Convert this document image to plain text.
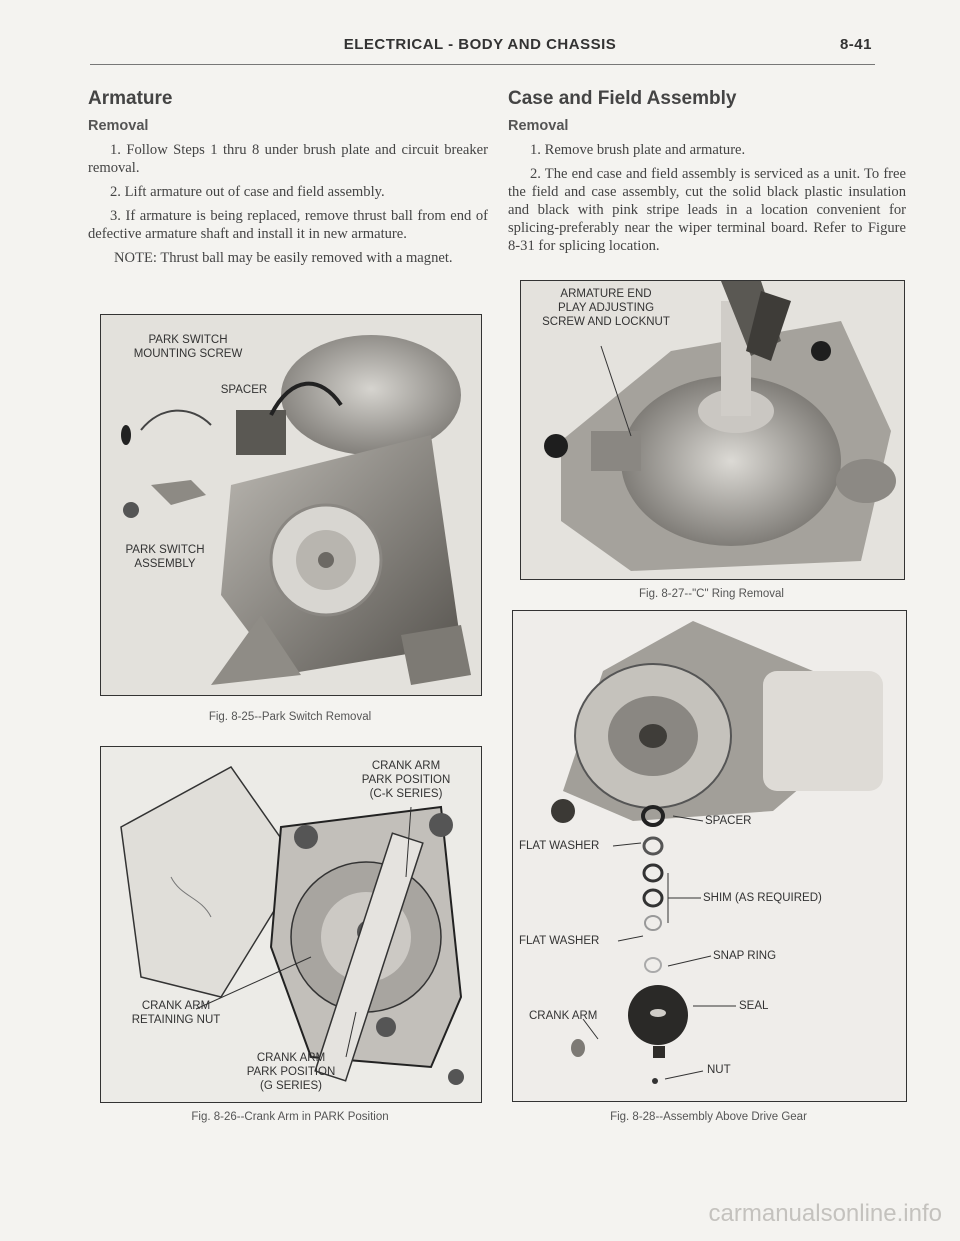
ELECTRICAL - BODY AND CHASSIS	8-41
Armature
Removal

1. Follow Steps 1 thru 8 under brush plate and circuit breaker removal.

2. Lift armature out of case and field assembly.

3. If armature is being replaced, remove thrust ball from end of defective armature shaft and install it in new armature.

NOTE: Thrust ball may be easily removed with a magnet.

Case and Field Assembly
Removal

1. Remove brush plate and armature.

2. The end case and field assembly is serviced as a unit. To free the field and case assembly, cut the solid black plastic insulation and black with pink stripe leads in a location convenient for splicing-preferably near the wiper terminal board. Refer to Figure 8-31 for splicing location.

PARK SWITCH
MOUNTING SCREW
SPACER
PARK SWITCH
ASSEMBLY
Fig. 8-25--Park Switch Removal
CRANK ARM
PARK POSITION
(C-K SERIES)
CRANK ARM
RETAINING NUT
CRANK ARM
PARK POSITION
(G SERIES)
Fig. 8-26--Crank Arm in PARK Position
ARMATURE END
PLAY ADJUSTING
SCREW AND LOCKNUT
Fig. 8-27--"C" Ring Removal
SPACER
FLAT WASHER
SHIM (AS REQUIRED)
FLAT WASHER
SNAP RING
CRANK ARM
SEAL
NUT
Fig. 8-28--Assembly Above Drive Gear
carmanualsonline.info
